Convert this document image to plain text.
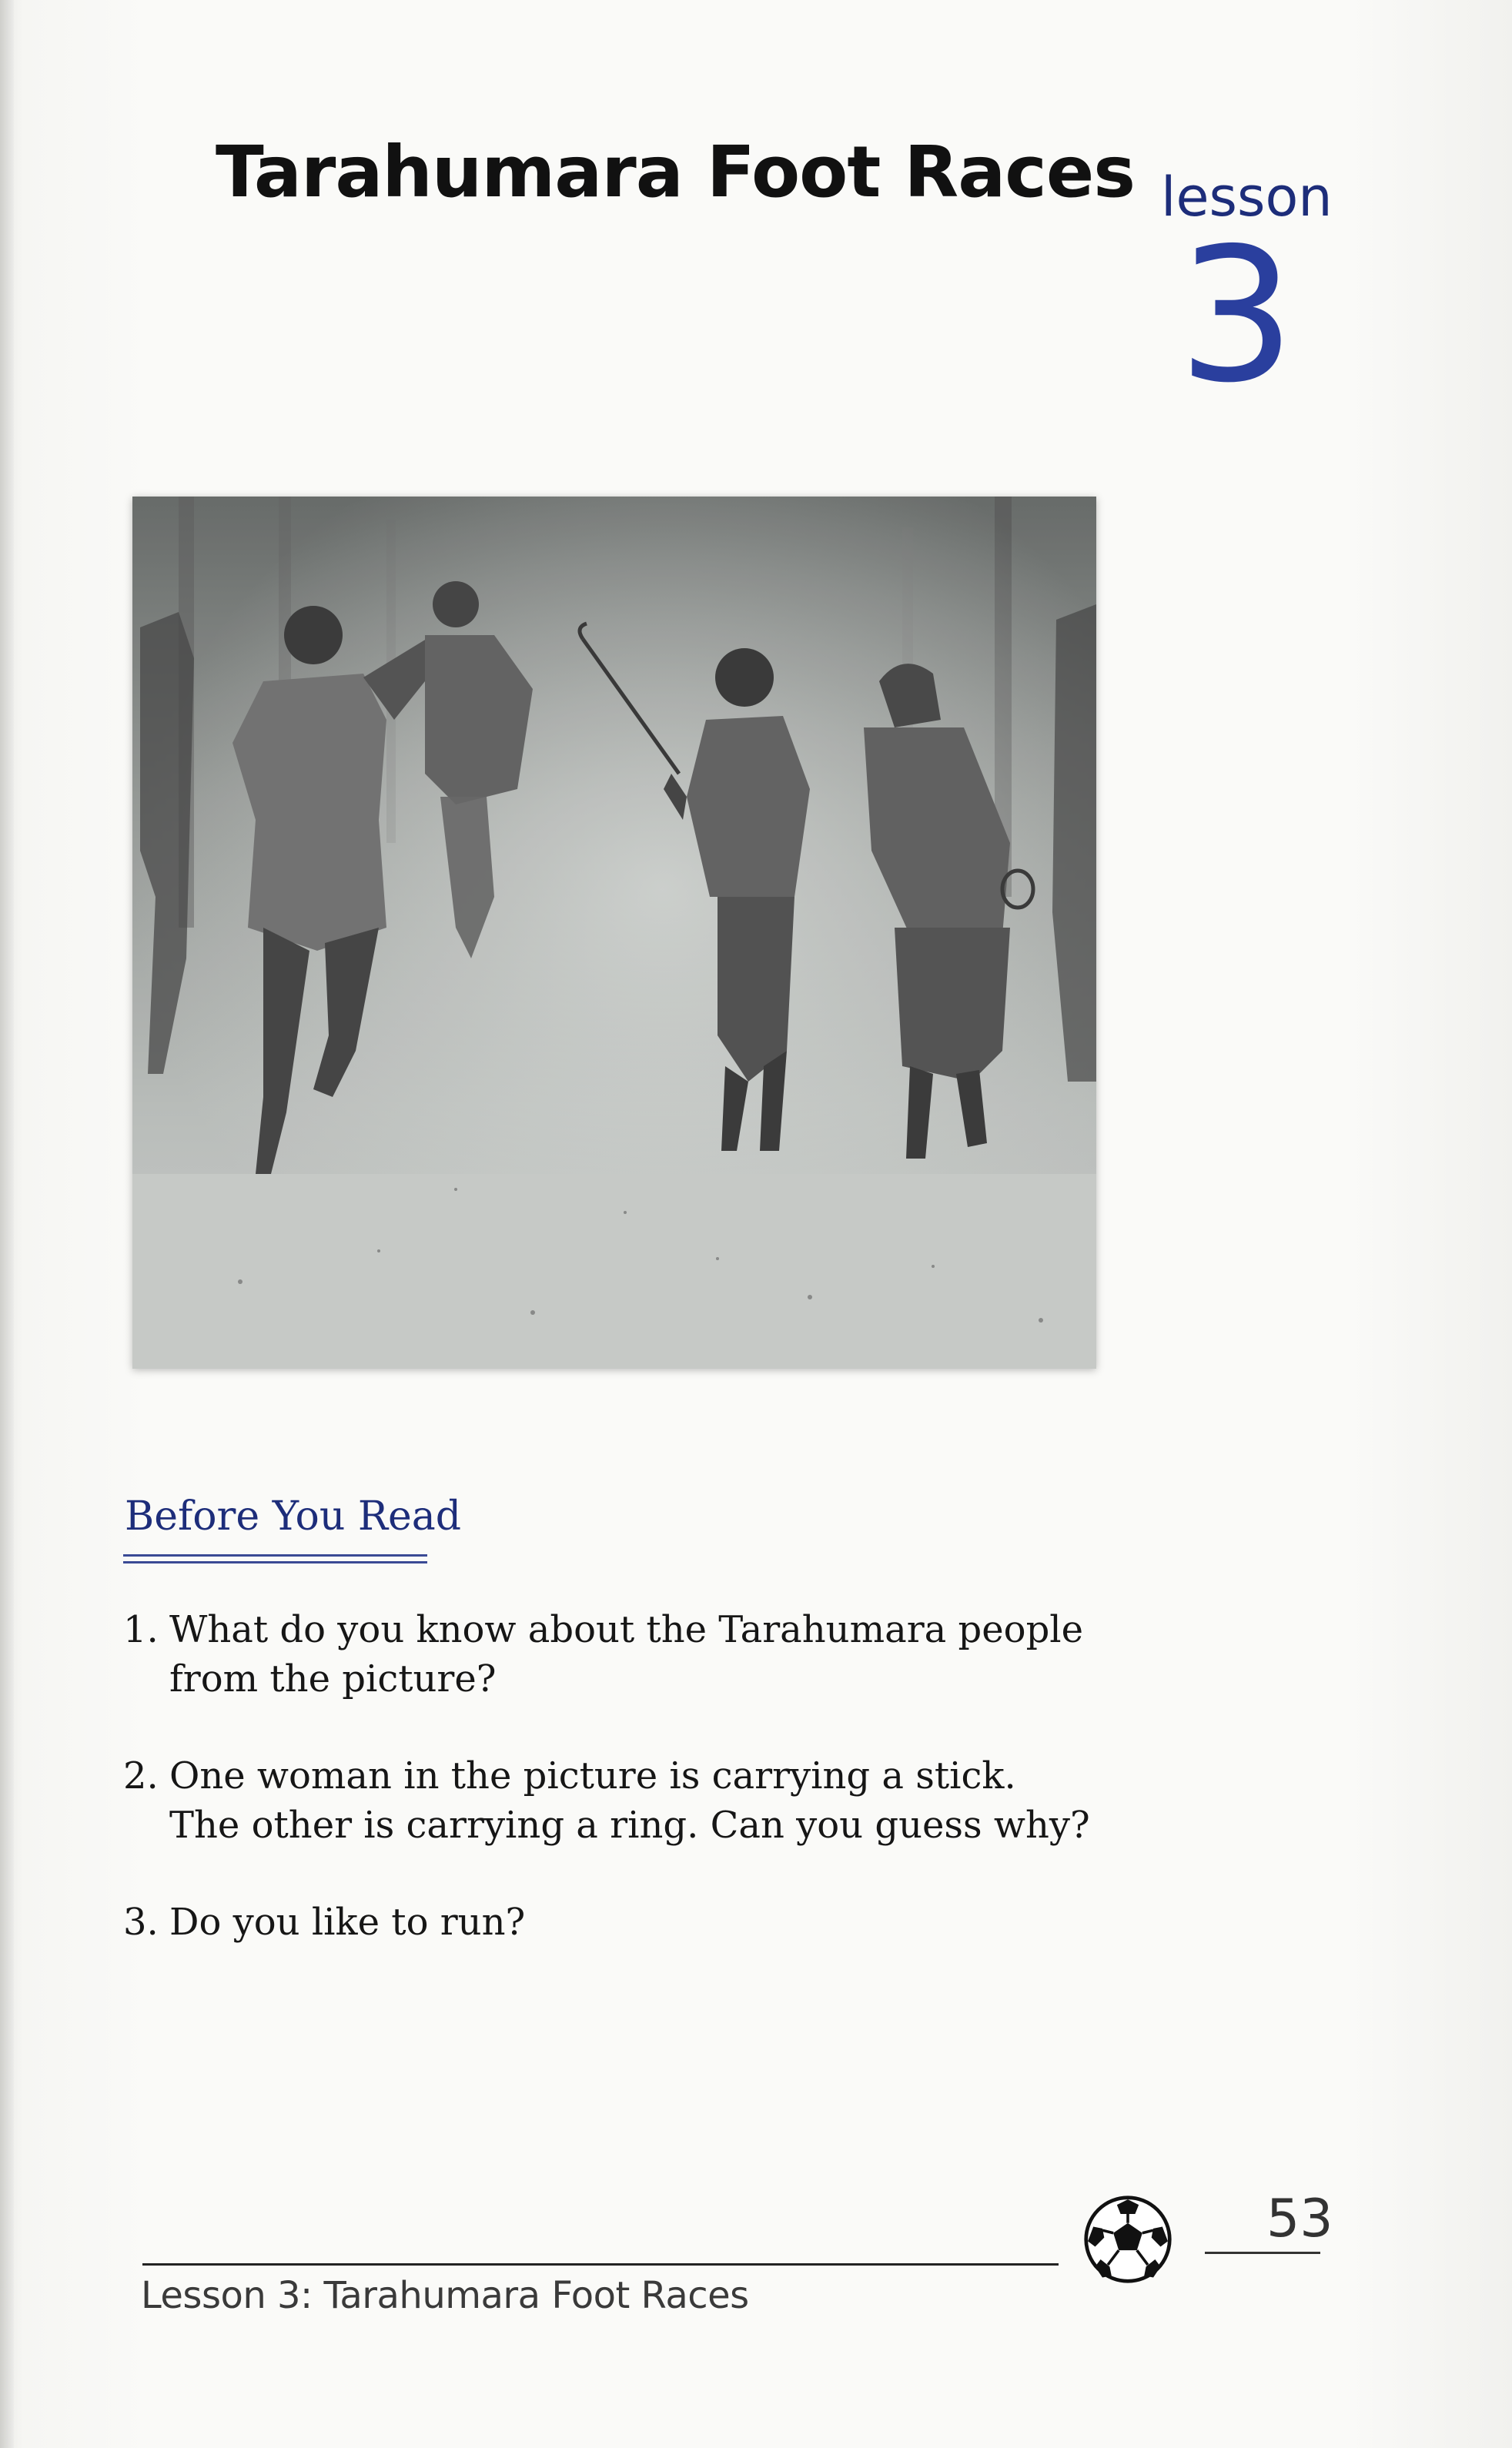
Tarahumara Foot Races lesson
3
Before You Read
1. What do you know about the Tarahumara people from the picture?
2. One woman in the picture is carrying a stick. The other is carrying a ring. Can you guess why?
3. Do you like to run?
Lesson 3: Tarahumara Foot Races
53
